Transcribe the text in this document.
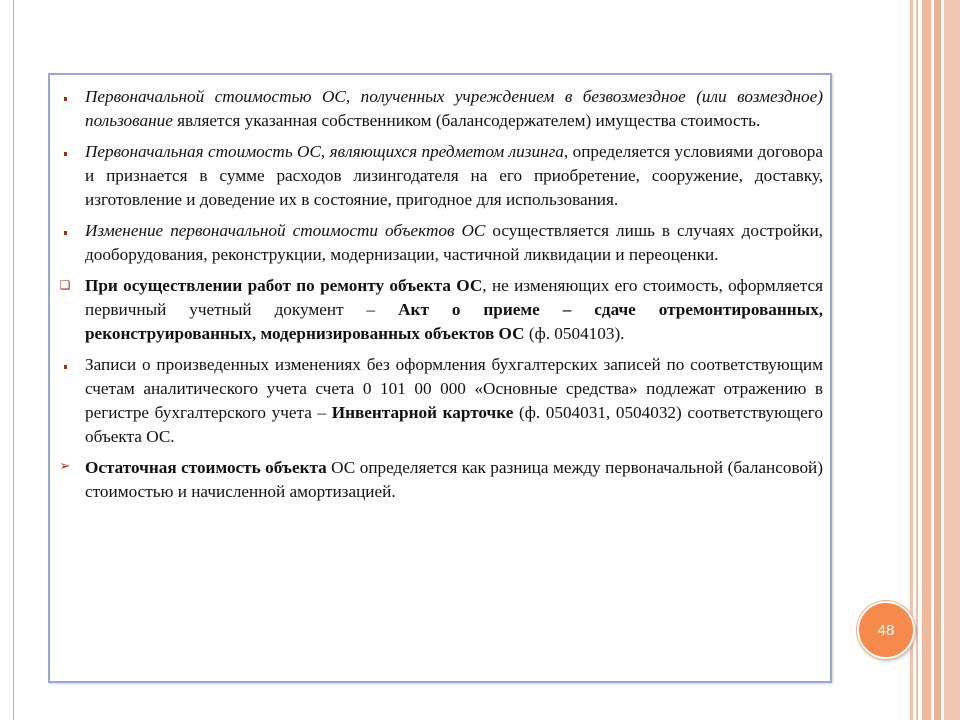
Первоначальной стоимостью ОС, полученных учреждением в безвозмездное (или возмездное) пользование является указанная собственником (балансодержателем) имущества стоимость.

Первоначальная стоимость ОС, являющихся предметом лизинга, определяется условиями договора и признается в сумме расходов лизингодателя на его приобретение, сооружение, доставку, изготовление и доведение их в состояние, пригодное для использования.

Изменение первоначальной стоимости объектов ОС осуществляется лишь в случаях достройки, дооборудования, реконструкции, модернизации, частичной ликвидации и переоценки.

❏ При осуществлении работ по ремонту объекта ОС, не изменяющих его стоимость, оформляется первичный учетный документ – Акт о приеме – сдаче отремонтированных, реконструированных, модернизированных объектов ОС (ф. 0504103).

Записи о произведенных изменениях без оформления бухгалтерских записей по соответствующим счетам аналитического учета счета 0 101 00 000 «Основные средства» подлежат отражению в регистре бухгалтерского учета – Инвентарной карточке (ф. 0504031, 0504032) соответствующего объекта ОС.

➢ Остаточная стоимость объекта ОС определяется как разница между первоначальной (балансовой) стоимостью и начисленной амортизацией.

48
